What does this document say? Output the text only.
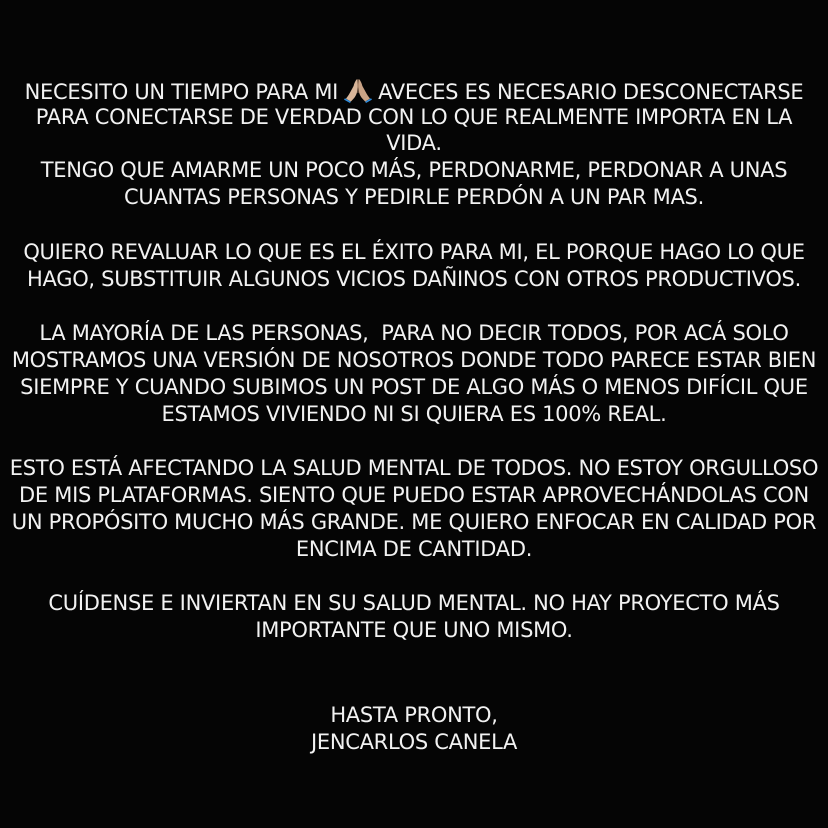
NECESITO UN TIEMPO PARA MI AVECES ES NECESARIO DESCONECTARSE
PARA CONECTARSE DE VERDAD CON LO QUE REALMENTE IMPORTA EN LA
VIDA.
TENGO QUE AMARME UN POCO MÁS, PERDONARME, PERDONAR A UNAS
CUANTAS PERSONAS Y PEDIRLE PERDÓN A UN PAR MAS.
QUIERO REVALUAR LO QUE ES EL ÉXITO PARA MI, EL PORQUE HAGO LO QUE
HAGO, SUBSTITUIR ALGUNOS VICIOS DAÑINOS CON OTROS PRODUCTIVOS.
LA MAYORÍA DE LAS PERSONAS,  PARA NO DECIR TODOS, POR ACÁ SOLO
MOSTRAMOS UNA VERSIÓN DE NOSOTROS DONDE TODO PARECE ESTAR BIEN
SIEMPRE Y CUANDO SUBIMOS UN POST DE ALGO MÁS O MENOS DIFÍCIL QUE
ESTAMOS VIVIENDO NI SI QUIERA ES 100% REAL.
ESTO ESTÁ AFECTANDO LA SALUD MENTAL DE TODOS. NO ESTOY ORGULLOSO
DE MIS PLATAFORMAS. SIENTO QUE PUEDO ESTAR APROVECHÁNDOLAS CON
UN PROPÓSITO MUCHO MÁS GRANDE. ME QUIERO ENFOCAR EN CALIDAD POR
ENCIMA DE CANTIDAD.
CUÍDENSE E INVIERTAN EN SU SALUD MENTAL. NO HAY PROYECTO MÁS
IMPORTANTE QUE UNO MISMO.
HASTA PRONTO,
JENCARLOS CANELA
